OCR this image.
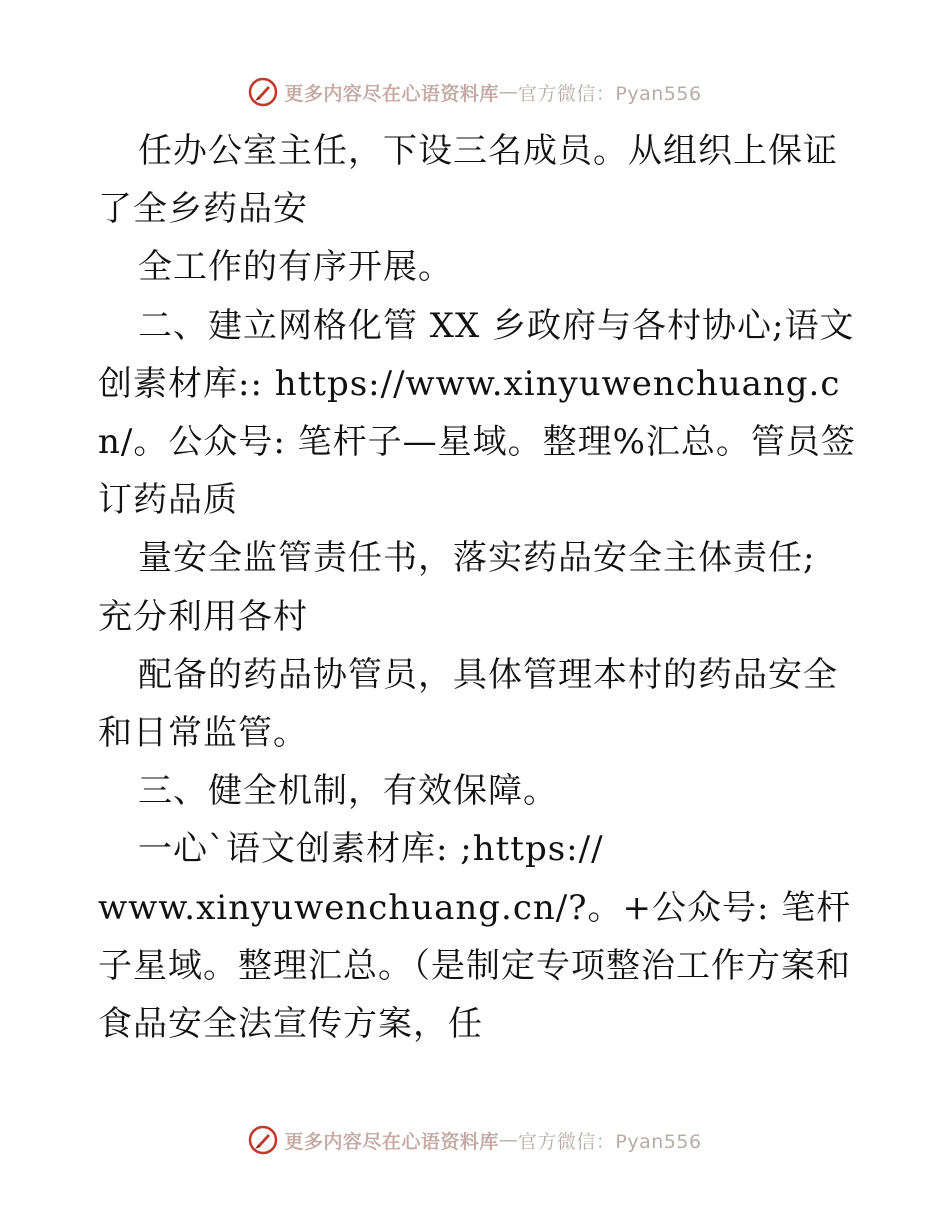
更多内容尽在心语资料库 — 官方微信：Pyan556

任办公室主任，下设三名成员。从组织上保证了全乡药品安

全工作的有序开展。

二、建立网格化管 XX 乡政府与各村协心;语文创素材库:: https://www.xinyuwenchuang.cn/。公众号: 笔杆子—星域。整理%汇总。管员签订药品质

量安全监管责任书，落实药品安全主体责任; 充分利用各村

配备的药品协管员，具体管理本村的药品安全和日常监管。

三、健全机制，有效保障。

一心`语文创素材库: ;https://

www.xinyuwenchuang.cn/?。+公众号: 笔杆子星域。整理汇总。（是制定专项整治工作方案和食品安全法宣传方案，任

更多内容尽在心语资料库 — 官方微信：Pyan556
